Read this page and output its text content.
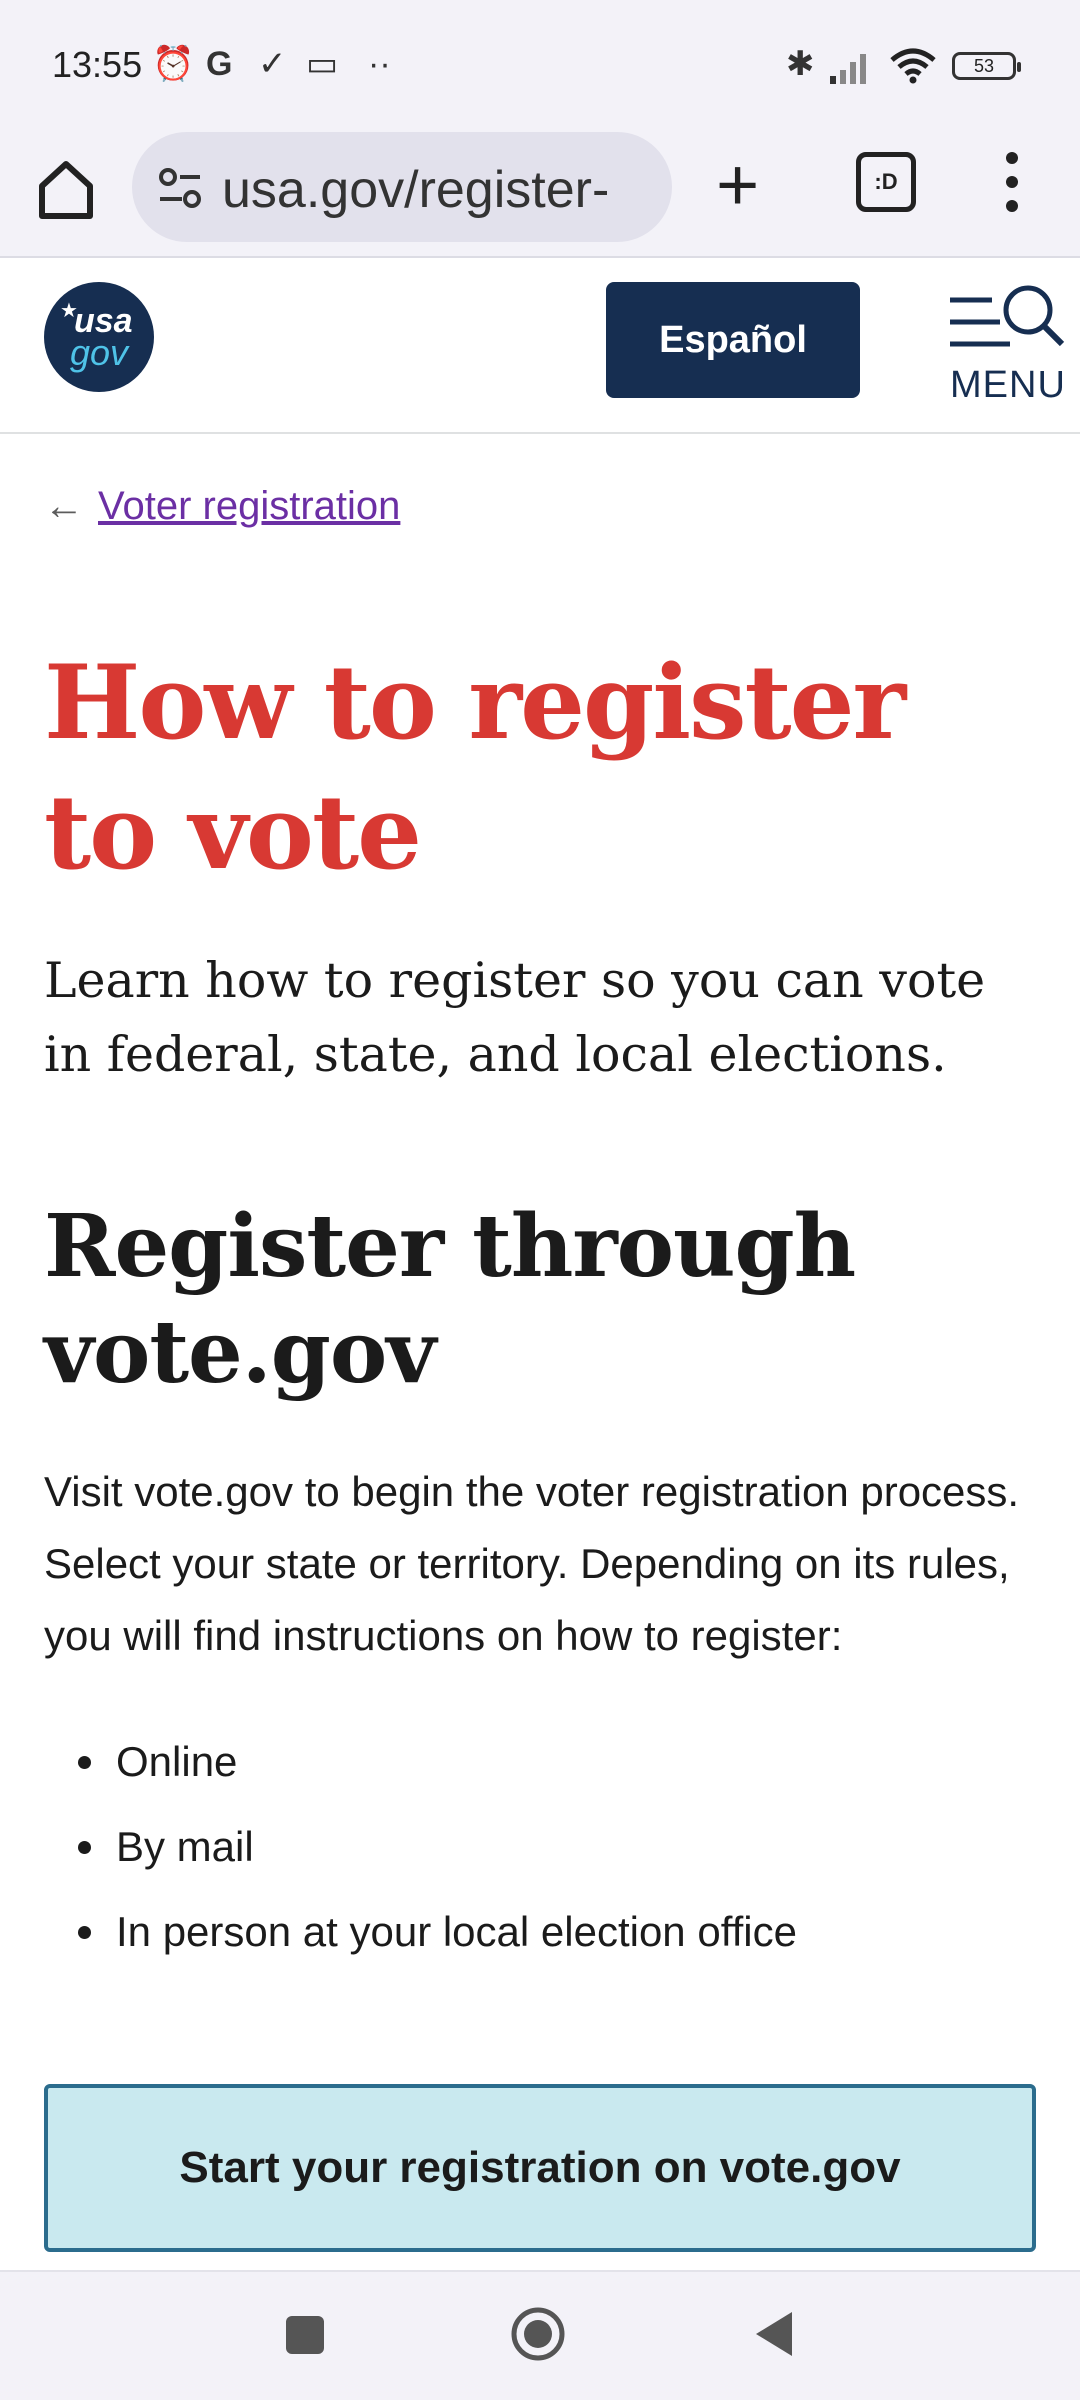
13:55 ⏰ G ✓ ▭ ··	✱	53
usa.gov/register- +	:D
★
usa
gov	Español
MENU
← Voter registration
How to register to vote

Learn how to register so you can vote in federal, state, and local elections.

Register through vote.gov

Visit vote.gov to begin the voter registration process. Select your state or territory. Depending on its rules, you will find instructions on how to register:

Online
By mail
In person at your local election office
Start your registration on vote.gov
